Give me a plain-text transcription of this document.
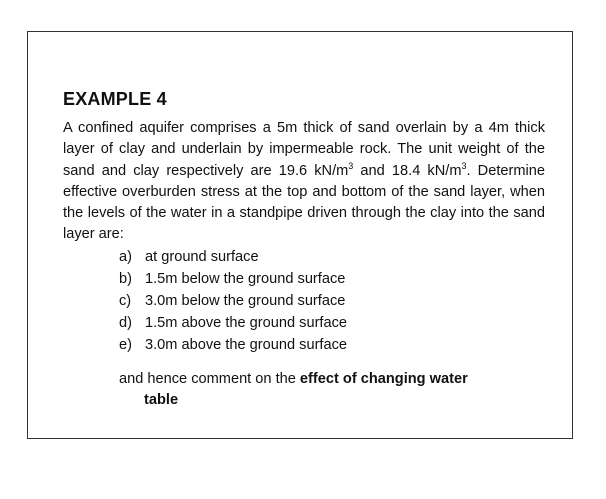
EXAMPLE 4

A confined aquifer comprises a 5m thick of sand overlain by a 4m thick layer of clay and underlain by impermeable rock. The unit weight of the sand and clay respectively are 19.6 $kN/m^3$ and 18.4 $kN/m^3$. Determine effective overburden stress at the top and bottom of the sand layer, when the levels of the water in a standpipe driven through the clay into the sand layer are:

a) at ground surface
b) 1.5m below the ground surface
c) 3.0m below the ground surface
d) 1.5m above the ground surface
e) 3.0m above the ground surface
and hence comment on the effect of changing water
table
